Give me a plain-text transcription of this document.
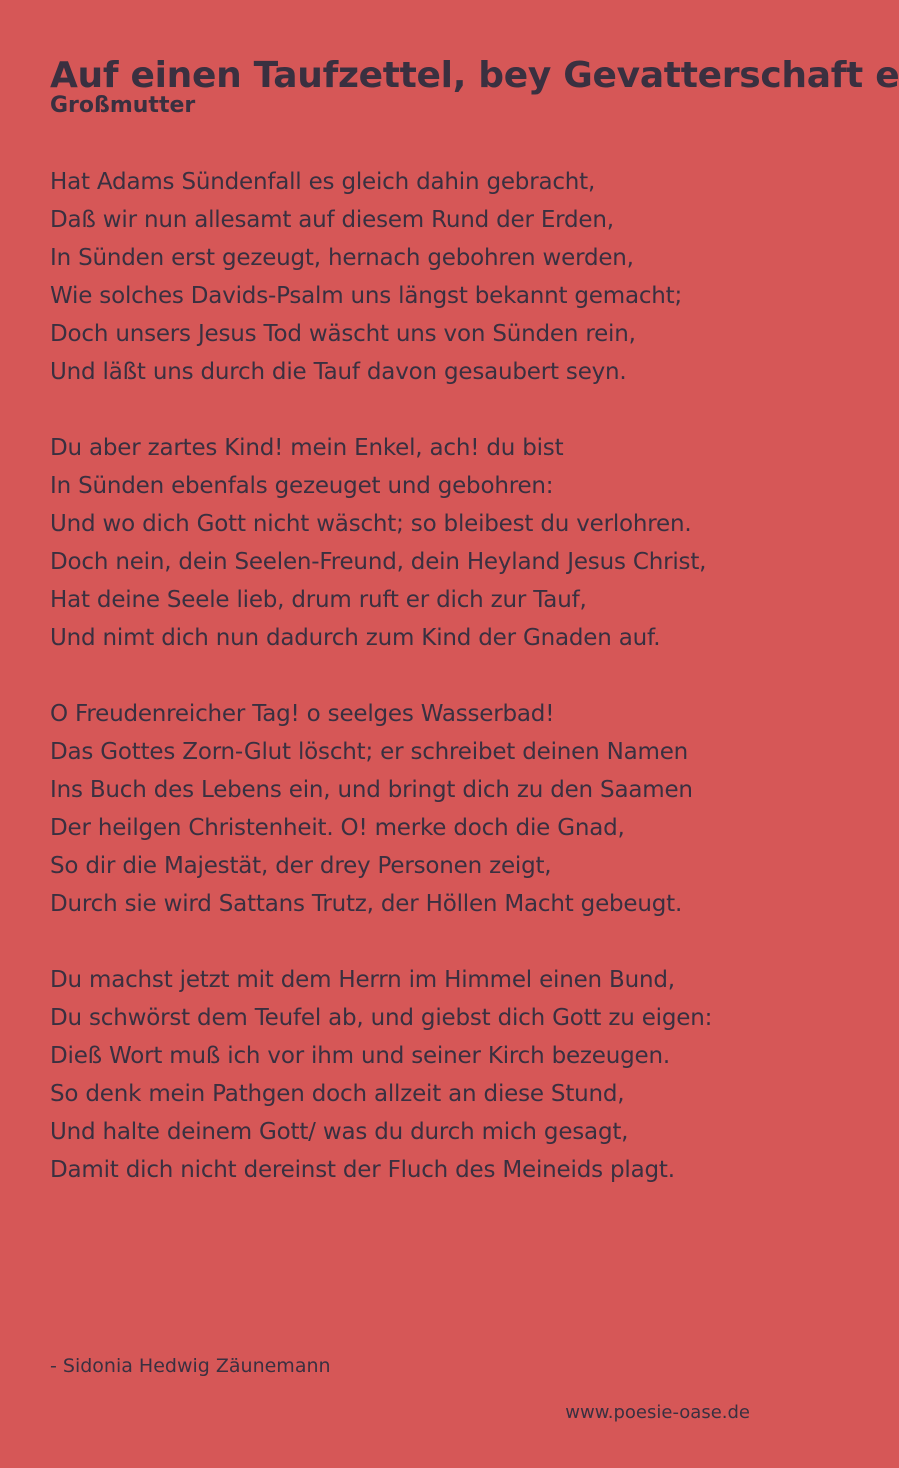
Auf einen Taufzettel, bey Gevatterschaft e
Großmutter
Hat Adams Sündenfall es gleich dahin gebracht,
Daß wir nun allesamt auf diesem Rund der Erden,
In Sünden erst gezeugt, hernach gebohren werden,
Wie solches Davids-Psalm uns längst bekannt gemacht;
Doch unsers Jesus Tod wäscht uns von Sünden rein,
Und läßt uns durch die Tauf davon gesaubert seyn.
Du aber zartes Kind! mein Enkel, ach! du bist
In Sünden ebenfals gezeuget und gebohren:
Und wo dich Gott nicht wäscht; so bleibest du verlohren.
Doch nein, dein Seelen-Freund, dein Heyland Jesus Christ,
Hat deine Seele lieb, drum ruft er dich zur Tauf,
Und nimt dich nun dadurch zum Kind der Gnaden auf.
O Freudenreicher Tag! o seelges Wasserbad!
Das Gottes Zorn-Glut löscht; er schreibet deinen Namen
Ins Buch des Lebens ein, und bringt dich zu den Saamen
Der heilgen Christenheit. O! merke doch die Gnad,
So dir die Majestät, der drey Personen zeigt,
Durch sie wird Sattans Trutz, der Höllen Macht gebeugt.
Du machst jetzt mit dem Herrn im Himmel einen Bund,
Du schwörst dem Teufel ab, und giebst dich Gott zu eigen:
Dieß Wort muß ich vor ihm und seiner Kirch bezeugen.
So denk mein Pathgen doch allzeit an diese Stund,
Und halte deinem Gott/ was du durch mich gesagt,
Damit dich nicht dereinst der Fluch des Meineids plagt.

- Sidonia Hedwig Zäunemann

www.poesie-oase.de
